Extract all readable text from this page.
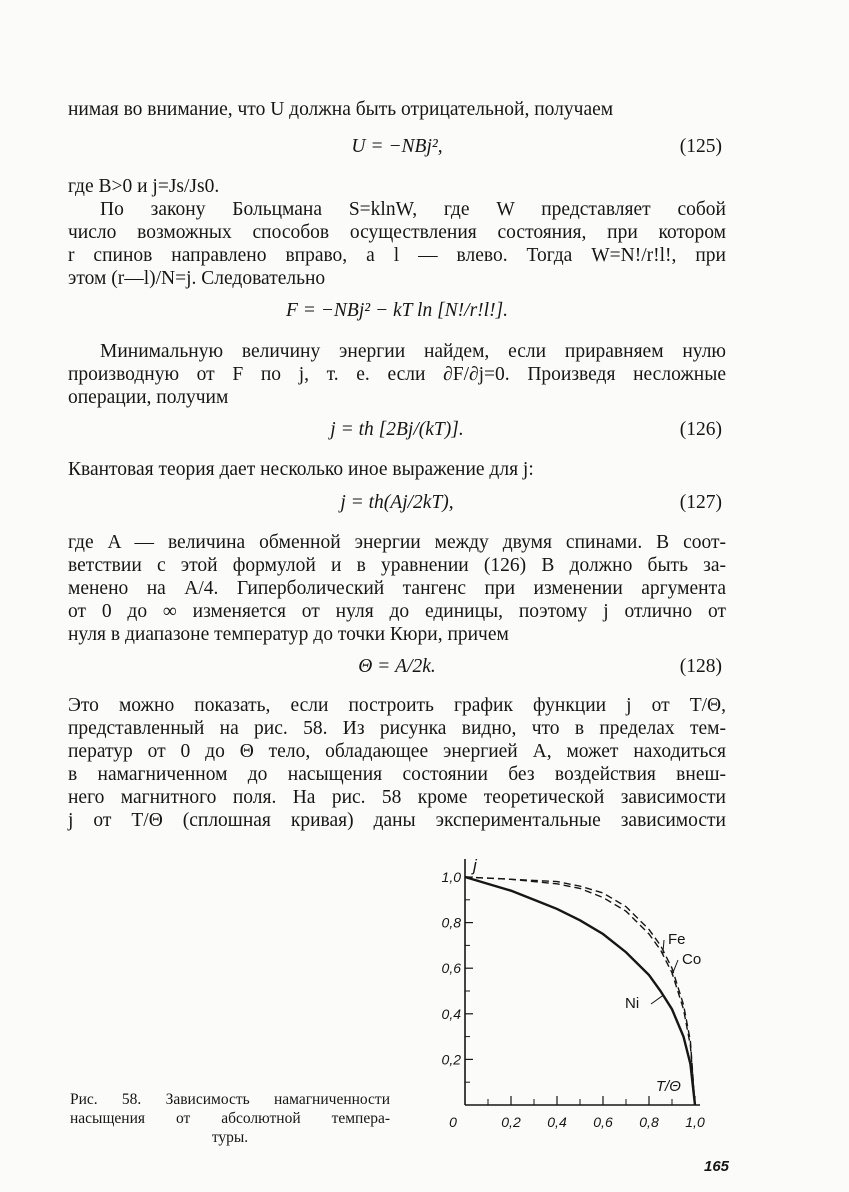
нимая во внимание, что U должна быть отрицательной, получаем
U = −NBj²,	(125)
где B>0 и j=Js/Js0.
По закону Больцмана S=klnW, где W представляет собой
число возможных способов осуществления состояния, при котором
r спинов направлено вправо, а l — влево. Тогда W=N!/r!l!, при
этом (r—l)/N=j. Следовательно
F = −NBj² − kT ln [N!/r!l!].
Минимальную величину энергии найдем, если приравняем нулю
производную от F по j, т. е. если ∂F/∂j=0. Произведя несложные
операции, получим
j = th [2Bj/(kT)].	(126)
Квантовая теория дает несколько иное выражение для j:
j = th(Aj/2kT),	(127)
где A — величина обменной энергии между двумя спинами. В соот-
ветствии с этой формулой и в уравнении (126) B должно быть за-
менено на A/4. Гиперболический тангенс при изменении аргумента
от 0 до ∞ изменяется от нуля до единицы, поэтому j отлично от
нуля в диапазоне температур до точки Кюри, причем
Θ = A/2k.	(128)
Это можно показать, если построить график функции j от T/Θ,
представленный на рис. 58. Из рисунка видно, что в пределах тем-
ператур от 0 до Θ тело, обладающее энергией A, может находиться
в намагниченном до насыщения состоянии без воздействия внеш-
него магнитного поля. На рис. 58 кроме теоретической зависимости
j от T/Θ (сплошная кривая) даны экспериментальные зависимости
0,2
0,4
0,6
0,8
1,0
0	0,2 0,4 0,6 0,8 1,0
j
T/Θ
Ni
Fe
Co
Рис. 58. Зависимость намагниченности
насыщения от абсолютной темпера-
туры.
165
